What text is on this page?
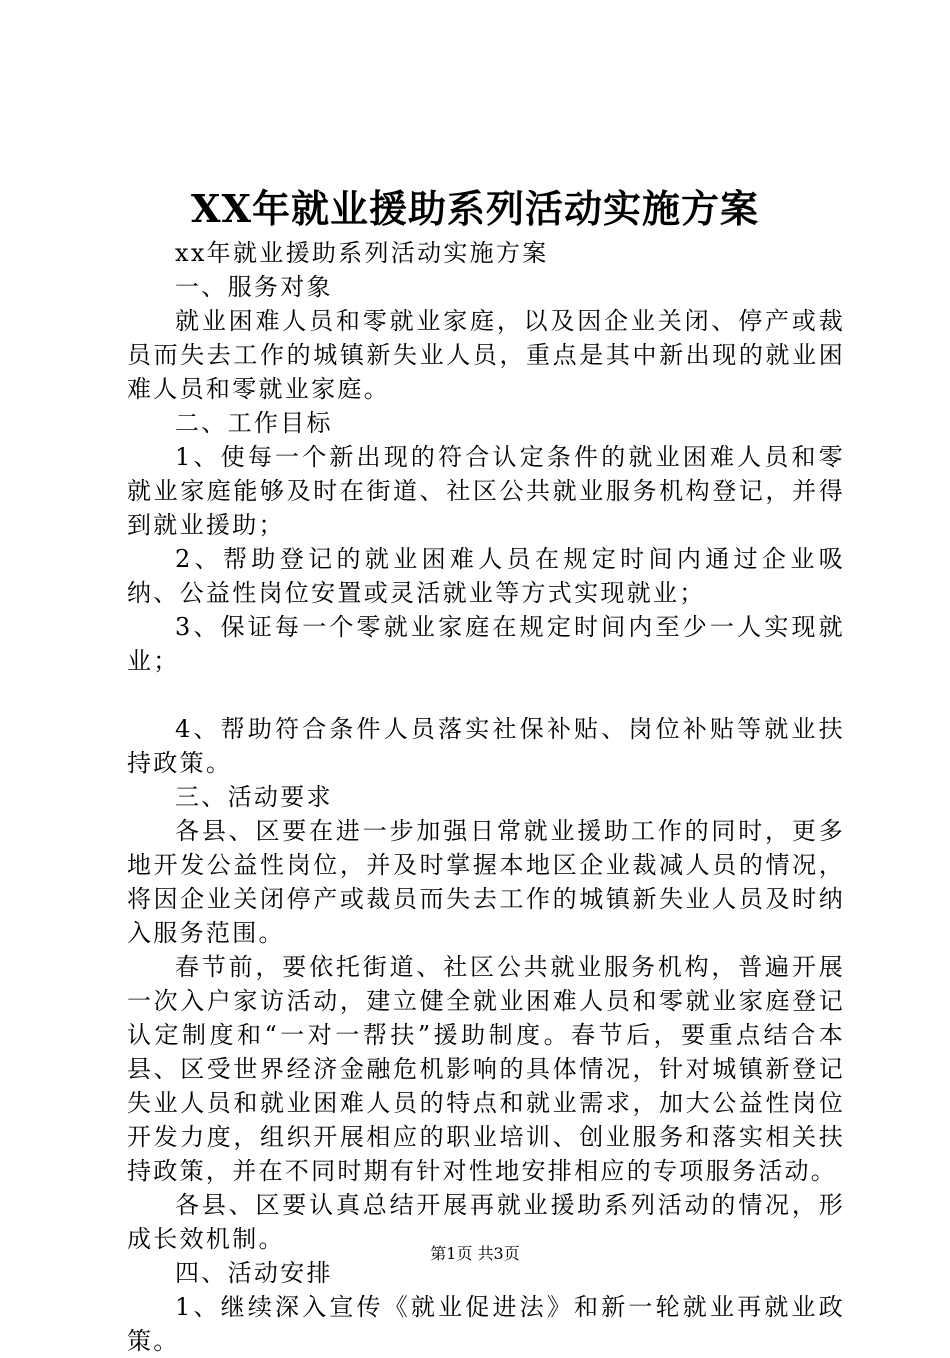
XX年就业援助系列活动实施方案

xx年就业援助系列活动实施方案

一、服务对象

就业困难人员和零就业家庭，以及因企业关闭、停产或裁员而失去工作的城镇新失业人员，重点是其中新出现的就业困难人员和零就业家庭。

二、工作目标

1、使每一个新出现的符合认定条件的就业困难人员和零就业家庭能够及时在街道、社区公共就业服务机构登记，并得到就业援助；

2、帮助登记的就业困难人员在规定时间内通过企业吸纳、公益性岗位安置或灵活就业等方式实现就业；

3、保证每一个零就业家庭在规定时间内至少一人实现就业；

4、帮助符合条件人员落实社保补贴、岗位补贴等就业扶持政策。

三、活动要求

各县、区要在进一步加强日常就业援助工作的同时，更多地开发公益性岗位，并及时掌握本地区企业裁减人员的情况，将因企业关闭停产或裁员而失去工作的城镇新失业人员及时纳入服务范围。

春节前，要依托街道、社区公共就业服务机构，普遍开展一次入户家访活动，建立健全就业困难人员和零就业家庭登记认定制度和“一对一帮扶”援助制度。春节后，要重点结合本县、区受世界经济金融危机影响的具体情况，针对城镇新登记失业人员和就业困难人员的特点和就业需求，加大公益性岗位开发力度，组织开展相应的职业培训、创业服务和落实相关扶持政策，并在不同时期有针对性地安排相应的专项服务活动。

各县、区要认真总结开展再就业援助系列活动的情况，形成长效机制。

四、活动安排

1、继续深入宣传《就业促进法》和新一轮就业再就业政策。

第1页 共3页
